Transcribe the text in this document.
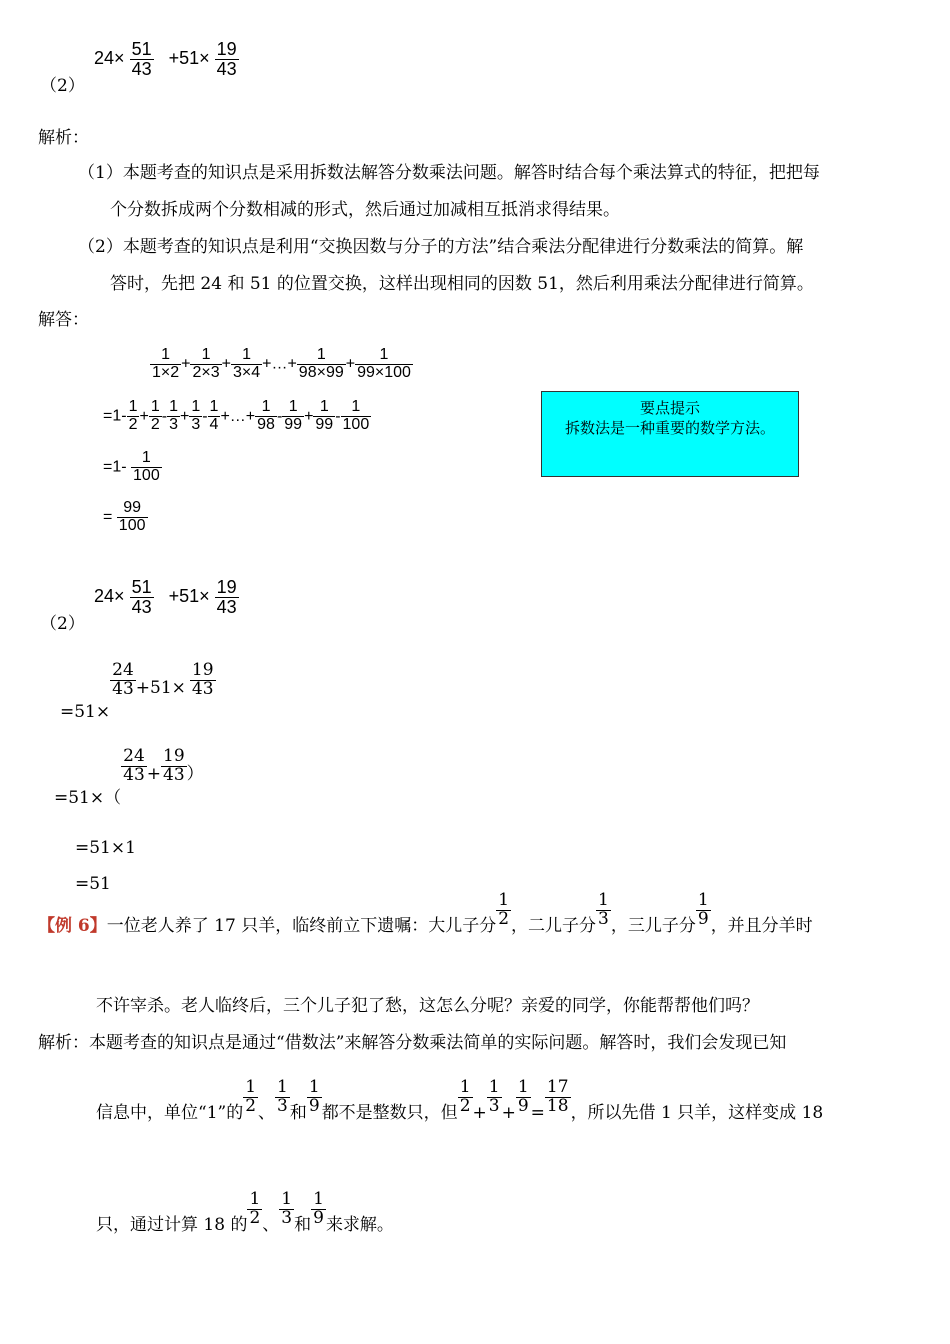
（2）
$24\times \frac{51}{43} +51\times \frac{19}{43}$
解析：
（1）本题考查的知识点是采用拆数法解答分数乘法问题。解答时结合每个乘法算式的特征，把把每
个分数拆成两个分数相减的形式，然后通过加减相互抵消求得结果。
（2）本题考查的知识点是利用“交换因数与分子的方法”结合乘法分配律进行分数乘法的简算。解
答时，先把 24 和 51 的位置交换，这样出现相同的因数 51，然后利用乘法分配律进行简算。
解答：
$\frac{1}{1\times 2} + \frac{1}{2\times 3} + \frac{1}{3\times 4}$ +…+ $\frac{1}{98\times 99} + \frac{1}{99\times 100}$
$=1- \frac{1}{2} + \frac{1}{2} - \frac{1}{3} + \frac{1}{3} - \frac{1}{4}$ +…+ $\frac{1}{98} - \frac{1}{99} + \frac{1}{99} - \frac{1}{100}$
$=1- \frac{1}{100}$
= $\frac{99}{100}$
要点提示
拆数法是一种重要的数学方法。
（2）
$24\times \frac{51}{43} +51\times \frac{19}{43}$
=51×
$\frac{24}{43} +51\times \frac{19}{43}$
=51×（
$\frac{24}{43} + \frac{19}{43}$ ）
=51×1
=51
【例 6】一位老人养了 17 只羊，临终前立下遗嘱：大儿子分 $\frac{1}{2}$ ，二儿子分 $\frac{1}{3}$ ，三儿子分 $\frac{1}{9}$ ，并且分羊时
不许宰杀。老人临终后，三个儿子犯了愁，这怎么分呢？亲爱的同学，你能帮帮他们吗？
解析：本题考查的知识点是通过“借数法”来解答分数乘法简单的实际问题。解答时，我们会发现已知
信息中，单位“1”的 $\frac{1}{2}$ 、 $\frac{1}{3}$ 和 $\frac{1}{9}$ 都不是整数只，但 $\frac{1}{2} + \frac{1}{3} + \frac{1}{9} = \frac{17}{18}$ ，所以先借 1 只羊，这样变成 18
只，通过计算 18 的 $\frac{1}{2}$ 、 $\frac{1}{3}$ 和 $\frac{1}{9}$ 来求解。
